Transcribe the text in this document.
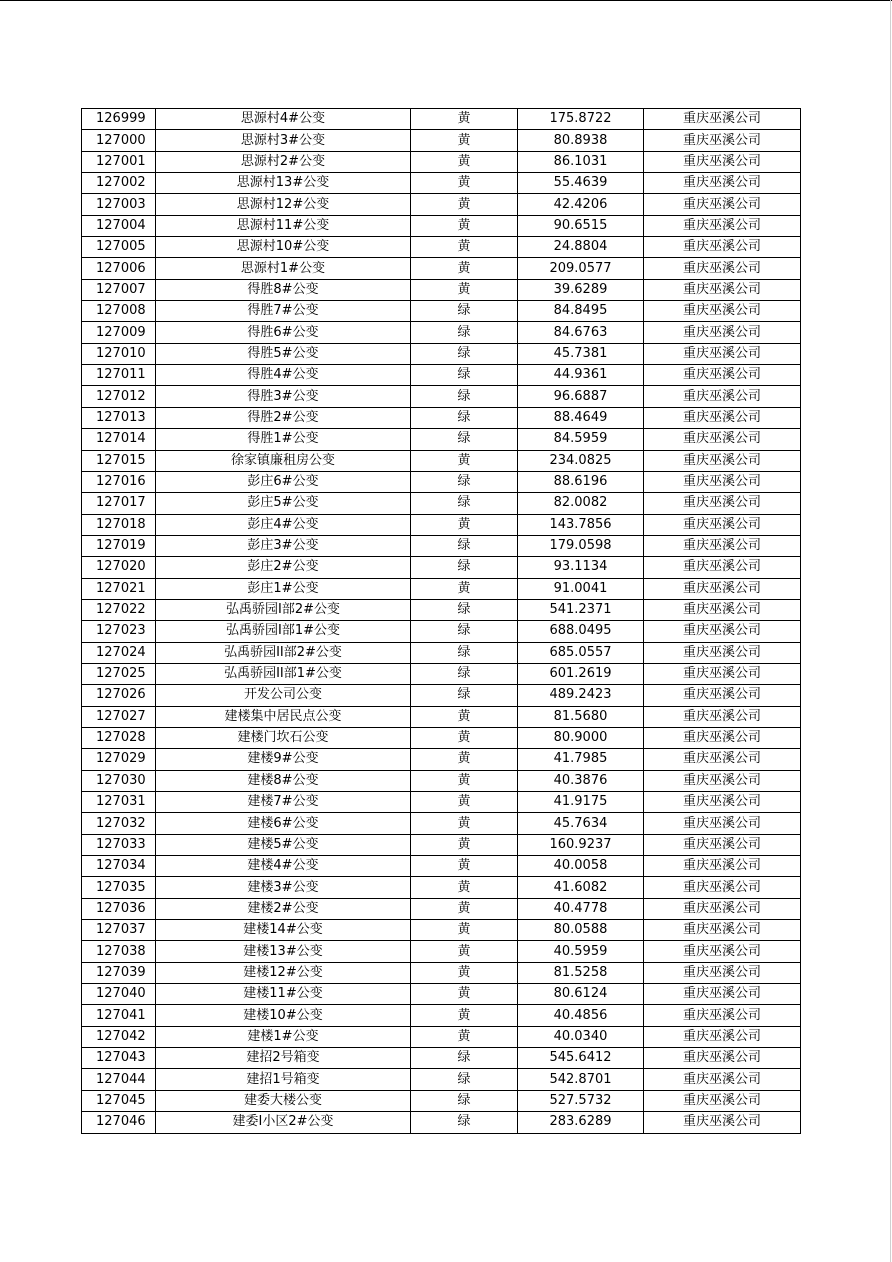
126999	思源村4#公变	黄	175.8722	重庆巫溪公司
127000	思源村3#公变	黄	80.8938	重庆巫溪公司
127001	思源村2#公变	黄	86.1031	重庆巫溪公司
127002	思源村13#公变	黄	55.4639	重庆巫溪公司
127003	思源村12#公变	黄	42.4206	重庆巫溪公司
127004	思源村11#公变	黄	90.6515	重庆巫溪公司
127005	思源村10#公变	黄	24.8804	重庆巫溪公司
127006	思源村1#公变	黄	209.0577	重庆巫溪公司
127007	得胜8#公变	黄	39.6289	重庆巫溪公司
127008	得胜7#公变	绿	84.8495	重庆巫溪公司
127009	得胜6#公变	绿	84.6763	重庆巫溪公司
127010	得胜5#公变	绿	45.7381	重庆巫溪公司
127011	得胜4#公变	绿	44.9361	重庆巫溪公司
127012	得胜3#公变	绿	96.6887	重庆巫溪公司
127013	得胜2#公变	绿	88.4649	重庆巫溪公司
127014	得胜1#公变	绿	84.5959	重庆巫溪公司
127015	徐家镇廉租房公变	黄	234.0825	重庆巫溪公司
127016	彭庄6#公变	绿	88.6196	重庆巫溪公司
127017	彭庄5#公变	绿	82.0082	重庆巫溪公司
127018	彭庄4#公变	黄	143.7856	重庆巫溪公司
127019	彭庄3#公变	绿	179.0598	重庆巫溪公司
127020	彭庄2#公变	绿	93.1134	重庆巫溪公司
127021	彭庄1#公变	黄	91.0041	重庆巫溪公司
127022	弘禹骄园I部2#公变	绿	541.2371	重庆巫溪公司
127023	弘禹骄园I部1#公变	绿	688.0495	重庆巫溪公司
127024	弘禹骄园II部2#公变	绿	685.0557	重庆巫溪公司
127025	弘禹骄园II部1#公变	绿	601.2619	重庆巫溪公司
127026	开发公司公变	绿	489.2423	重庆巫溪公司
127027	建楼集中居民点公变	黄	81.5680	重庆巫溪公司
127028	建楼门坎石公变	黄	80.9000	重庆巫溪公司
127029	建楼9#公变	黄	41.7985	重庆巫溪公司
127030	建楼8#公变	黄	40.3876	重庆巫溪公司
127031	建楼7#公变	黄	41.9175	重庆巫溪公司
127032	建楼6#公变	黄	45.7634	重庆巫溪公司
127033	建楼5#公变	黄	160.9237	重庆巫溪公司
127034	建楼4#公变	黄	40.0058	重庆巫溪公司
127035	建楼3#公变	黄	41.6082	重庆巫溪公司
127036	建楼2#公变	黄	40.4778	重庆巫溪公司
127037	建楼14#公变	黄	80.0588	重庆巫溪公司
127038	建楼13#公变	黄	40.5959	重庆巫溪公司
127039	建楼12#公变	黄	81.5258	重庆巫溪公司
127040	建楼11#公变	黄	80.6124	重庆巫溪公司
127041	建楼10#公变	黄	40.4856	重庆巫溪公司
127042	建楼1#公变	黄	40.0340	重庆巫溪公司
127043	建招2号箱变	绿	545.6412	重庆巫溪公司
127044	建招1号箱变	绿	542.8701	重庆巫溪公司
127045	建委大楼公变	绿	527.5732	重庆巫溪公司
127046	建委I小区2#公变	绿	283.6289	重庆巫溪公司
